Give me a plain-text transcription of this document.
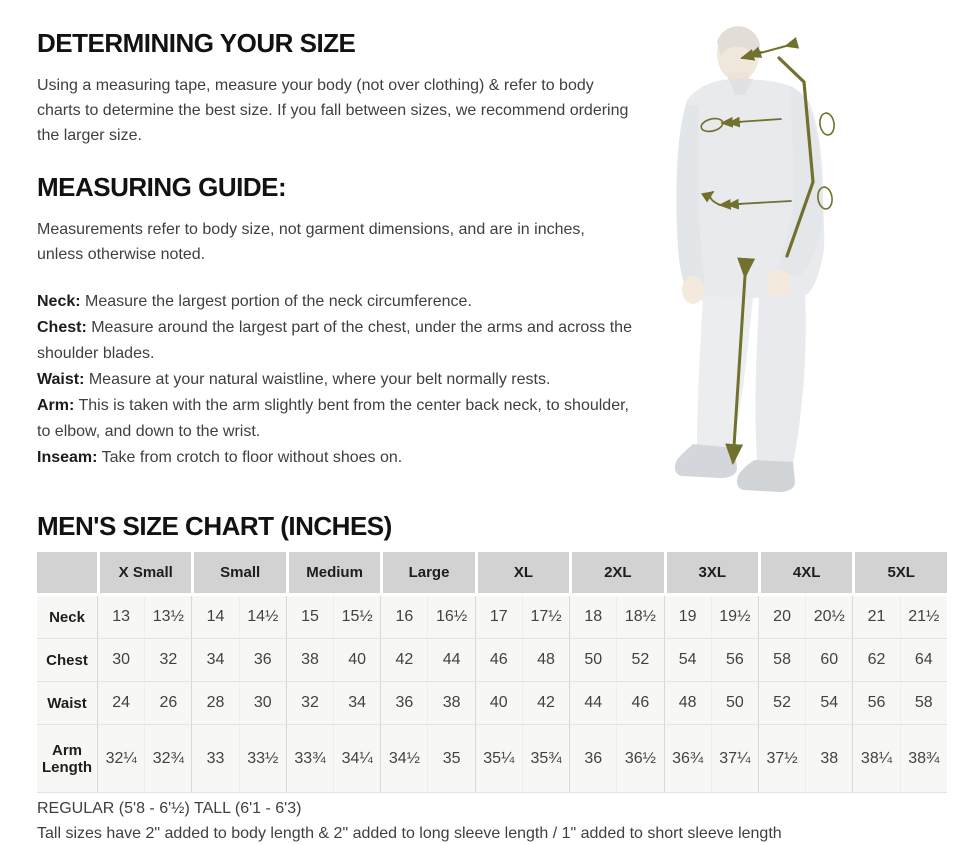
DETERMINING YOUR SIZE

Using a measuring tape, measure your body (not over clothing) & refer to body charts to determine the best size. If you fall between sizes, we recommend ordering the larger size.

MEASURING GUIDE:

Measurements refer to body size, not garment dimensions, and are in inches, unless otherwise noted.

Neck: Measure the largest portion of the neck circumference.
Chest: Measure around the largest part of the chest, under the arms and across the shoulder blades.
Waist: Measure at your natural waistline, where your belt normally rests.
Arm: This is taken with the arm slightly bent from the center back neck, to shoulder, to elbow, and down to the wrist.
Inseam: Take from crotch to floor without shoes on.
MEN'S SIZE CHART (INCHES)
	X Small		Small		Medium		Large		XL		2XL		3XL		4XL		5XL	
Neck	13	13½	14	14½	15	15½	16	16½	17	17½	18	18½	19	19½	20	20½	21	21½
Chest	30	32	34	36	38	40	42	44	46	48	50	52	54	56	58	60	62	64
Waist	24	26	28	30	32	34	36	38	40	42	44	46	48	50	52	54	56	58
Arm Length	32¼	32¾	33	33½	33¾	34¼	34½	35	35¼	35¾	36	36½	36¾	37¼	37½	38	38¼	38¾
REGULAR (5'8 - 6'½) TALL (6'1 - 6'3)
Tall sizes have 2" added to body length & 2" added to long sleeve length / 1" added to short sleeve length
